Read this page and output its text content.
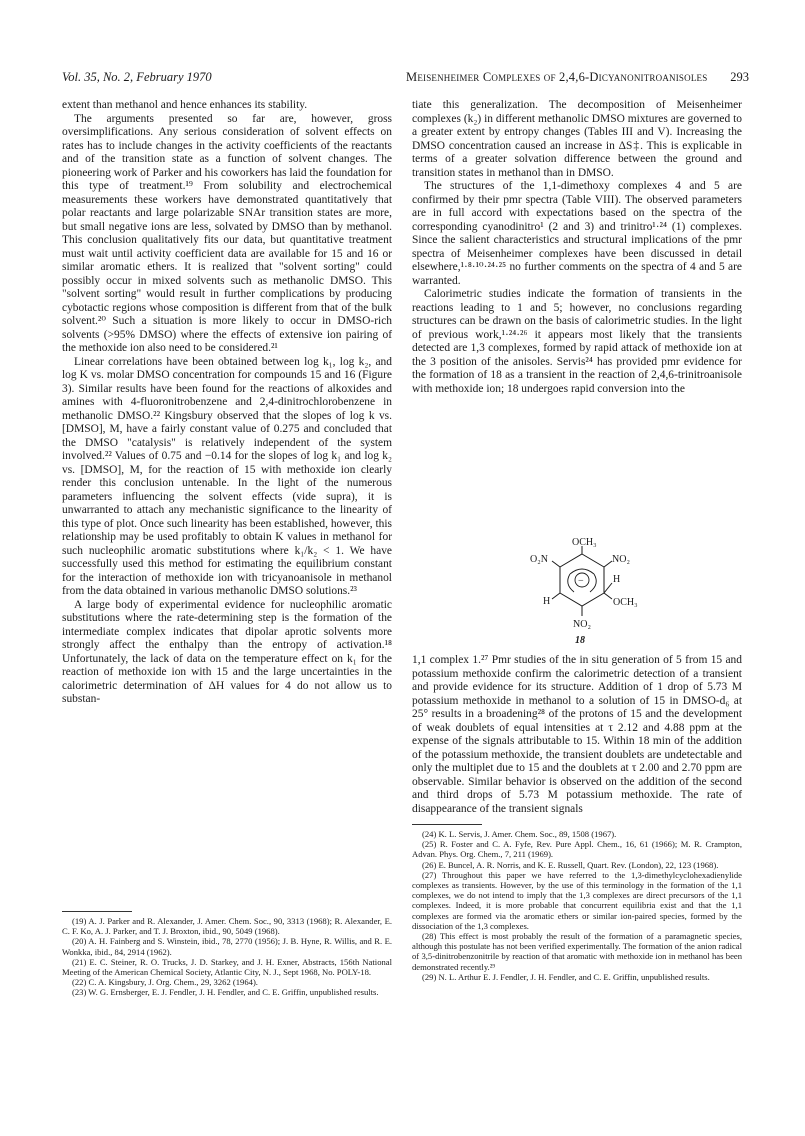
Vol. 35, No. 2, February 1970	Meisenheimer Complexes of 2,4,6-Dicyanonitroanisoles 293

extent than methanol and hence enhances its stability.

The arguments presented so far are, however, gross oversimplifications. Any serious consideration of solvent effects on rates has to include changes in the activity coefficients of the reactants and of the transition state as a function of solvent changes. The pioneering work of Parker and his coworkers has laid the foundation for this type of treatment.¹⁹ From solubility and electrochemical measurements these workers have demonstrated quantitatively that polar reactants and large polarizable SNAr transition states are more, but small negative ions are less, solvated by DMSO than by methanol. This conclusion qualitatively fits our data, but quantitative treatment must wait until activity coefficient data are available for 15 and 16 or similar aromatic ethers. It is realized that "solvent sorting" could possibly occur in mixed solvents such as methanolic DMSO. This "solvent sorting" would result in further complications by producing cybotactic regions whose composition is different from that of the bulk solvent.²⁰ Such a situation is more likely to occur in DMSO-rich solvents (>95% DMSO) where the effects of extensive ion pairing of the methoxide ion also need to be considered.²¹

Linear correlations have been obtained between log k₁, log k₂, and log K vs. molar DMSO concentration for compounds 15 and 16 (Figure 3). Similar results have been found for the reactions of alkoxides and amines with 4-fluoronitrobenzene and 2,4-dinitrochlorobenzene in methanolic DMSO.²² Kingsbury observed that the slopes of log k vs. [DMSO], M, have a fairly constant value of 0.275 and concluded that the DMSO "catalysis" is relatively independent of the system involved.²² Values of 0.75 and −0.14 for the slopes of log k₁ and log k₂ vs. [DMSO], M, for the reaction of 15 with methoxide ion clearly render this conclusion untenable. In the light of the numerous parameters influencing the solvent effects (vide supra), it is unwarranted to attach any mechanistic significance to the linearity of this type of plot. Once such linearity has been established, however, this relationship may be used profitably to obtain K values in methanol for such nucleophilic aromatic substitutions where k₁/k₂ < 1. We have successfully used this method for estimating the equilibrium constant for the interaction of methoxide ion with tricyanoanisole in methanol from the data obtained in various methanolic DMSO solutions.²³

A large body of experimental evidence for nucleophilic aromatic substitutions where the rate-determining step is the formation of the intermediate complex indicates that dipolar aprotic solvents more strongly affect the enthalpy than the entropy of activation.¹⁸ Unfortunately, the lack of data on the temperature effect on k₁ for the reaction of methoxide ion with 15 and the large uncertainties in the calorimetric determination of ΔH values for 4 do not allow us to substan-

(19) A. J. Parker and R. Alexander, J. Amer. Chem. Soc., 90, 3313 (1968); R. Alexander, E. C. F. Ko, A. J. Parker, and T. J. Broxton, ibid., 90, 5049 (1968).

(20) A. H. Fainberg and S. Winstein, ibid., 78, 2770 (1956); J. B. Hyne, R. Willis, and R. E. Wonkka, ibid., 84, 2914 (1962).

(21) E. C. Steiner, R. O. Trucks, J. D. Starkey, and J. H. Exner, Abstracts, 156th National Meeting of the American Chemical Society, Atlantic City, N. J., Sept 1968, No. POLY-18.

(22) C. A. Kingsbury, J. Org. Chem., 29, 3262 (1964).

(23) W. G. Ernsberger, E. J. Fendler, J. H. Fendler, and C. E. Griffin, unpublished results.

tiate this generalization. The decomposition of Meisenheimer complexes (k₂) in different methanolic DMSO mixtures are governed to a greater extent by entropy changes (Tables III and V). Increasing the DMSO concentration caused an increase in ΔS‡. This is explicable in terms of a greater solvation difference between the ground and transition states in methanol than in DMSO.

The structures of the 1,1-dimethoxy complexes 4 and 5 are confirmed by their pmr spectra (Table VIII). The observed parameters are in full accord with expectations based on the spectra of the corresponding cyanodinitro¹ (2 and 3) and trinitro¹·²⁴ (1) complexes. Since the salient characteristics and structural implications of the pmr spectra of Meisenheimer complexes have been discussed in detail elsewhere,¹·⁸·¹⁰·²⁴·²⁵ no further comments on the spectra of 4 and 5 are warranted.

Calorimetric studies indicate the formation of transients in the reactions leading to 1 and 5; however, no conclusions regarding structures can be drawn on the basis of calorimetric studies. In the light of previous work,¹·²⁴·²⁶ it appears most likely that the transients detected are 1,3 complexes, formed by rapid attack of methoxide ion at the 3 position of the anisoles. Servis²⁴ has provided pmr evidence for the formation of 18 as a transient in the reaction of 2,4,6-trinitroanisole with methoxide ion; 18 undergoes rapid conversion into the

−
OCH₃
O₂N	NO₂
H
H	OCH₃
NO₂
18

1,1 complex 1.²⁷ Pmr studies of the in situ generation of 5 from 15 and potassium methoxide confirm the calorimetric detection of a transient and provide evidence for its structure. Addition of 1 drop of 5.73 M potassium methoxide in methanol to a solution of 15 in DMSO-d₆ at 25° results in a broadening²⁸ of the protons of 15 and the development of weak doublets of equal intensities at τ 2.12 and 4.88 ppm at the expense of the signals attributable to 15. Within 18 min of the addition of the potassium methoxide, the transient doublets are undetectable and only the multiplet due to 15 and the doublets at τ 2.00 and 2.70 ppm are observable. Similar behavior is observed on the addition of the second and third drops of 5.73 M potassium methoxide. The rate of disappearance of the transient signals

(24) K. L. Servis, J. Amer. Chem. Soc., 89, 1508 (1967).

(25) R. Foster and C. A. Fyfe, Rev. Pure Appl. Chem., 16, 61 (1966); M. R. Crampton, Advan. Phys. Org. Chem., 7, 211 (1969).

(26) E. Buncel, A. R. Norris, and K. E. Russell, Quart. Rev. (London), 22, 123 (1968).

(27) Throughout this paper we have referred to the 1,3-dimethylcyclohexadienylide complexes as transients. However, by the use of this terminology in the formation of the 1,1 complexes, we do not intend to imply that the 1,3 complexes are direct precursors of the 1,1 complexes. Indeed, it is more probable that concurrent equilibria exist and that the 1,1 complexes are formed via the aromatic ethers or similar ion-paired species, formed by the dissociation of the 1,3 complexes.

(28) This effect is most probably the result of the formation of a paramagnetic species, although this postulate has not been verified experimentally. The formation of the anion radical of 3,5-dinitrobenzonitrile by reaction of that aromatic with methoxide ion in methanol has been demonstrated recently.²⁹

(29) N. L. Arthur E. J. Fendler, J. H. Fendler, and C. E. Griffin, unpublished results.
